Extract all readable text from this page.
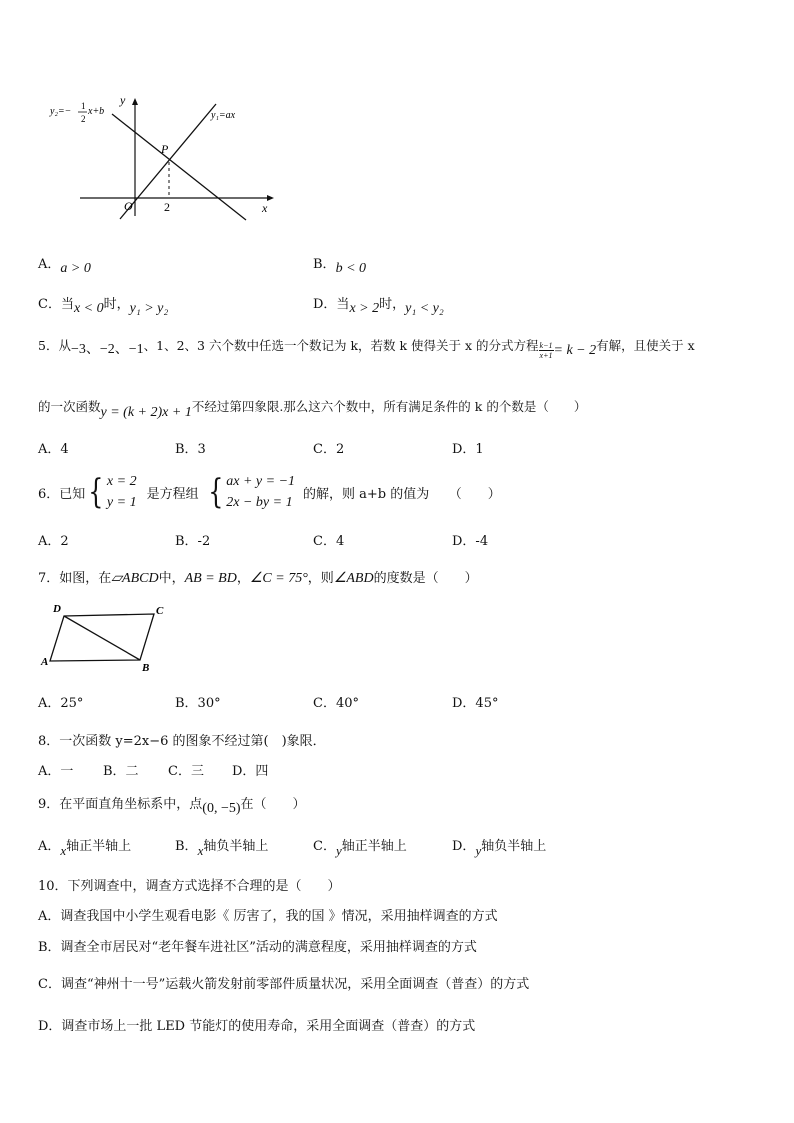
P
O	2	x
y
y₁=ax
y₂=− 1
2
x+b
A．a > 0	B．b < 0
C．当x < 0时，y₁ > y₂	D．当x > 2时，y₁ < y₂
5．从−3、−2、−1、1、2、3 六个数中任选一个数记为 k，若数 k 使得关于 x 的分式方程 $\frac{k-1}{x+1} = k - 2$有解，且使关于 x
的一次函数y = (k + 2)x + 1不经过第四象限.那么这六个数中，所有满足条件的 k 的个数是（　　）
A．4	B．3	C．2	D．1
6．已知 { x = 2
y = 1
是方程组 { ax + y = −1
2x − by = 1
的解，则 a+b 的值为　　（　　）
A．2	B．-2	C．4	D．-4
7．如图，在▱ABCD中，AB = BD，∠C = 75°，则∠ABD的度数是（　　）
D	C
A	B
A．25°	B．30°	C．40°	D．45°
8．一次函数 y=2x−6 的图象不经过第(　)象限．
A．一 B．二 C．三 D．四
9．在平面直角坐标系中，点(0, −5)在（　　）
A．x轴正半轴上	B．x轴负半轴上	C．y轴正半轴上	D．y轴负半轴上
10．下列调查中，调查方式选择不合理的是（　　）
A．调查我国中小学生观看电影《 厉害了，我的国 》情况，采用抽样调查的方式
B．调查全市居民对“老年餐车进社区”活动的满意程度，采用抽样调查的方式
C．调查“神州十一号”运载火箭发射前零部件质量状况，采用全面调查（普查）的方式
D．调查市场上一批 LED 节能灯的使用寿命，采用全面调查（普查）的方式
